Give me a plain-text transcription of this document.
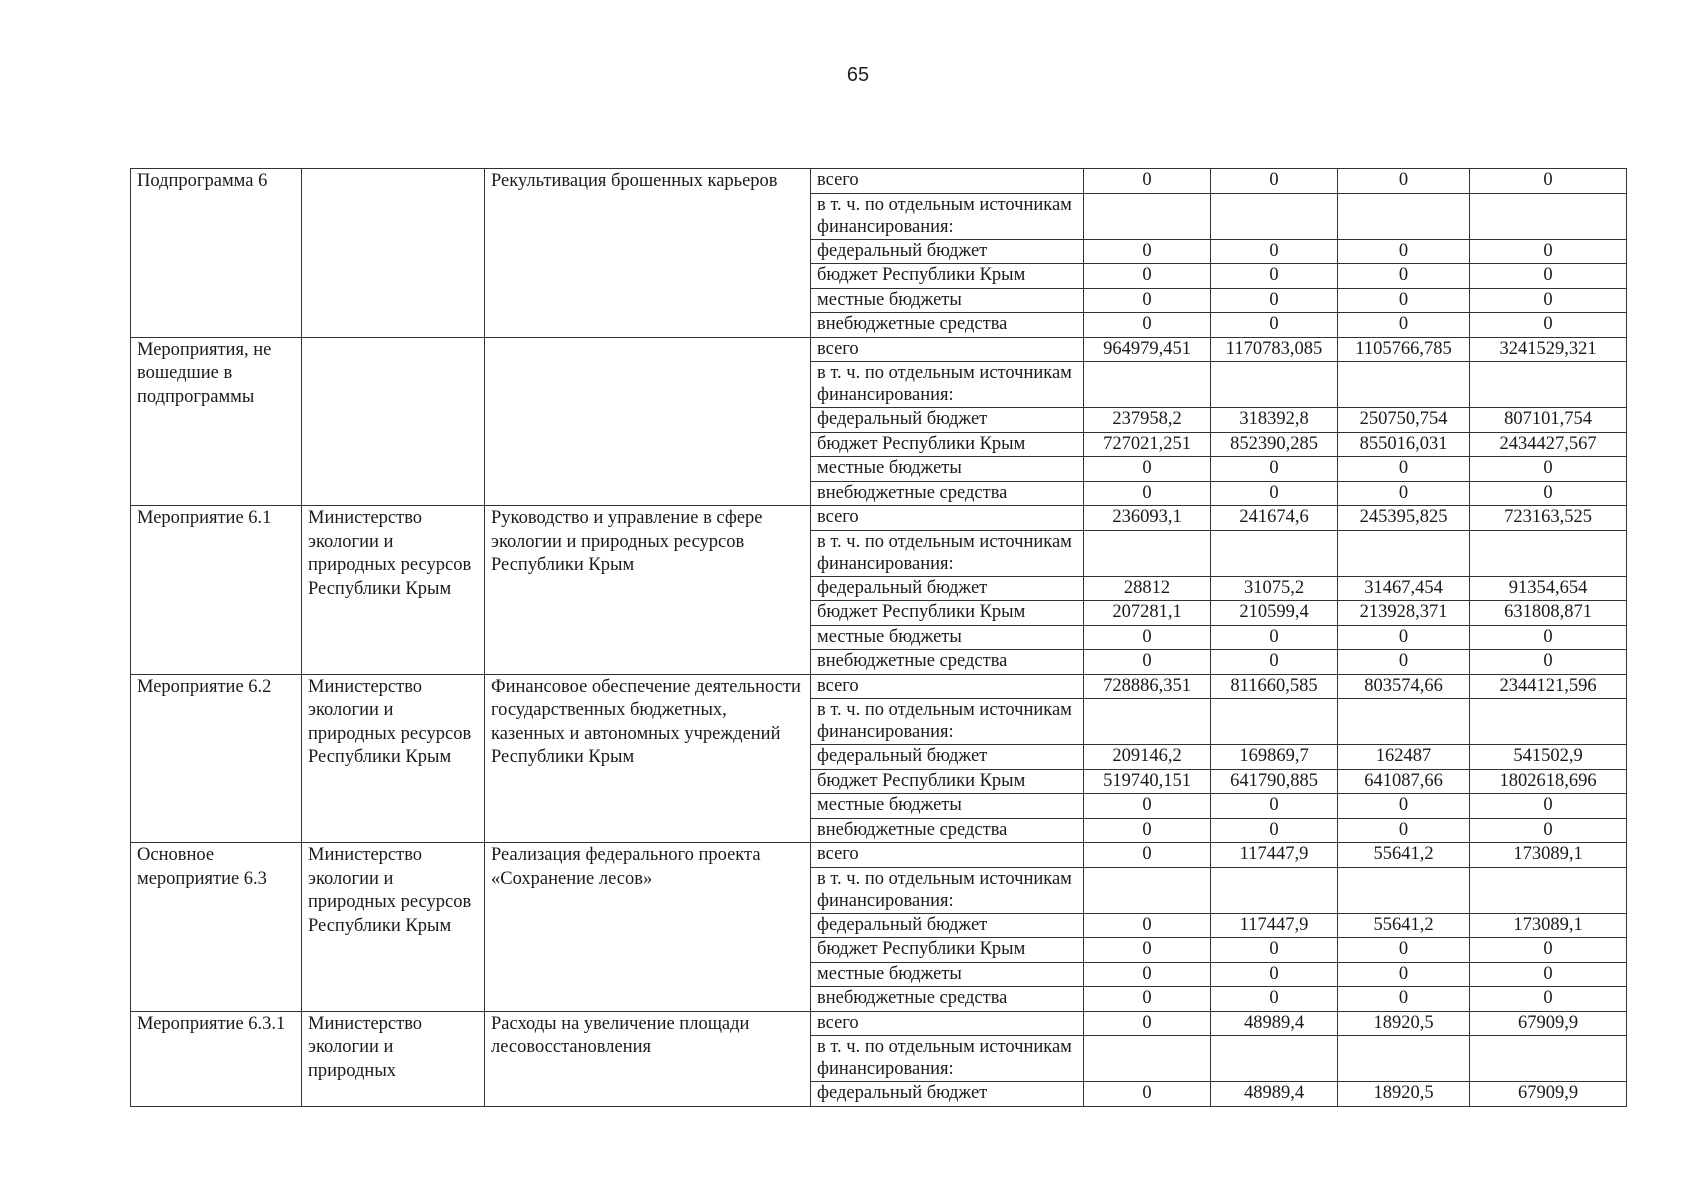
65
Подпрограмма 6		Рекультивация брошенных карьеров	всего	0	0	0	0
			в т. ч. по отдельным источникам финансирования:				
			федеральный бюджет	0	0	0	0
			бюджет Республики Крым	0	0	0	0
			местные бюджеты	0	0	0	0
			внебюджетные средства	0	0	0	0
Мероприятия, не вошедшие в подпрограммы			всего	964979,451	1170783,085	1105766,785	3241529,321
			в т. ч. по отдельным источникам финансирования:				
			федеральный бюджет	237958,2	318392,8	250750,754	807101,754
			бюджет Республики Крым	727021,251	852390,285	855016,031	2434427,567
			местные бюджеты	0	0	0	0
			внебюджетные средства	0	0	0	0
Мероприятие 6.1	Министерство экологии и природных ресурсов Республики Крым	Руководство и управление в сфере экологии и природных ресурсов Республики Крым	всего	236093,1	241674,6	245395,825	723163,525
			в т. ч. по отдельным источникам финансирования:				
			федеральный бюджет	28812	31075,2	31467,454	91354,654
			бюджет Республики Крым	207281,1	210599,4	213928,371	631808,871
			местные бюджеты	0	0	0	0
			внебюджетные средства	0	0	0	0
Мероприятие 6.2	Министерство экологии и природных ресурсов Республики Крым	Финансовое обеспечение деятельности государственных бюджетных, казенных и автономных учреждений Республики Крым	всего	728886,351	811660,585	803574,66	2344121,596
			в т. ч. по отдельным источникам финансирования:				
			федеральный бюджет	209146,2	169869,7	162487	541502,9
			бюджет Республики Крым	519740,151	641790,885	641087,66	1802618,696
			местные бюджеты	0	0	0	0
			внебюджетные средства	0	0	0	0
Основное мероприятие 6.3	Министерство экологии и природных ресурсов Республики Крым	Реализация федерального проекта «Сохранение лесов»	всего	0	117447,9	55641,2	173089,1
			в т. ч. по отдельным источникам финансирования:				
			федеральный бюджет	0	117447,9	55641,2	173089,1
			бюджет Республики Крым	0	0	0	0
			местные бюджеты	0	0	0	0
			внебюджетные средства	0	0	0	0
Мероприятие 6.3.1	Министерство экологии и природных	Расходы на увеличение площади лесовосстановления	всего	0	48989,4	18920,5	67909,9
			в т. ч. по отдельным источникам финансирования:				
			федеральный бюджет	0	48989,4	18920,5	67909,9
